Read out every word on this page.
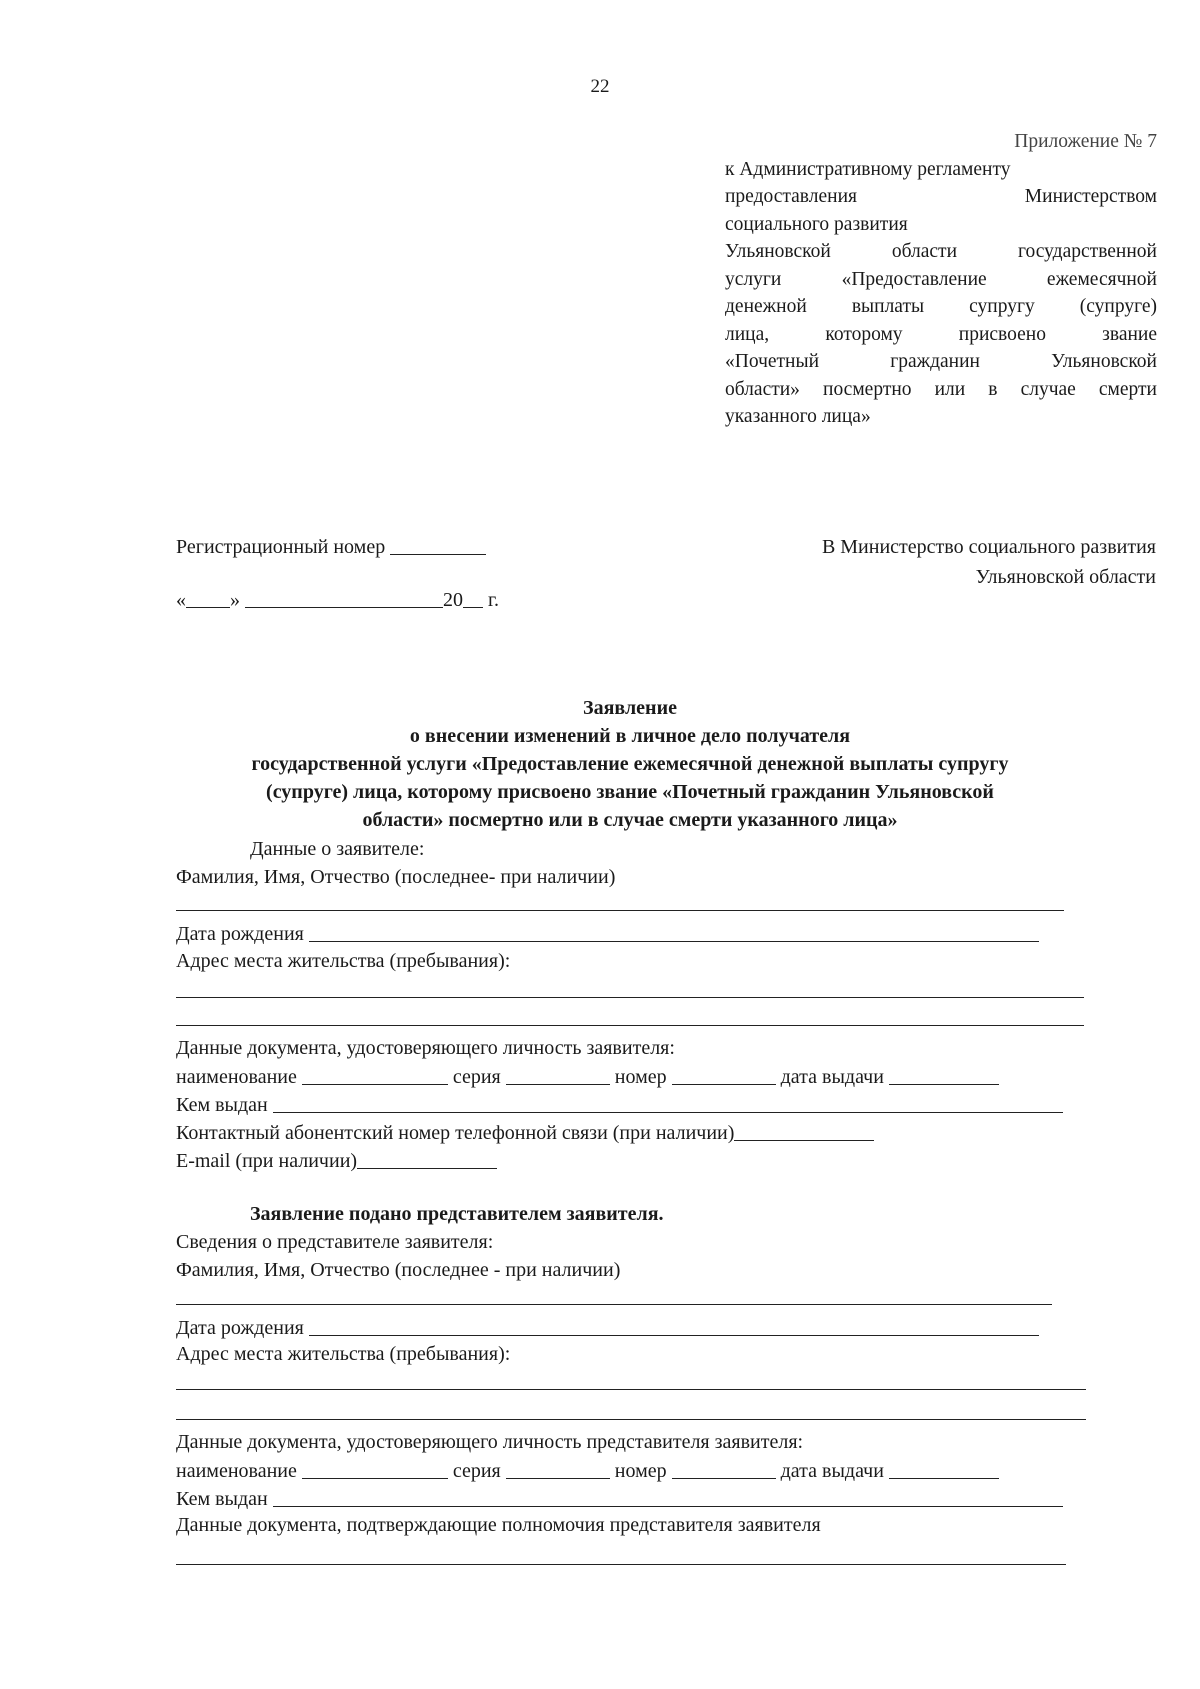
22
Приложение № 7
к Административному регламенту
предоставления Министерством
социального развития
Ульяновской области государственной
услуги «Предоставление ежемесячной
денежной выплаты супругу (супруге)
лица, которому присвоено звание
«Почетный гражданин Ульяновской
области» посмертно или в случае смерти
указанного лица»
Регистрационный номер
« »	20 г.
В Министерство социального развития
Ульяновской области
Заявление
о внесении изменений в личное дело получателя
государственной услуги «Предоставление ежемесячной денежной выплаты супругу
(супруге) лица, которому присвоено звание «Почетный гражданин Ульяновской
области» посмертно или в случае смерти указанного лица»
Данные о заявителе:
Фамилия, Имя, Отчество (последнее- при наличии)
Дата рождения
Адрес места жительства (пребывания):
Данные документа, удостоверяющего личность заявителя:
наименование	серия	номер	дата выдачи
Кем выдан
Контактный абонентский номер телефонной связи (при наличии)
E-mail (при наличии)
Заявление подано представителем заявителя.
Сведения о представителе заявителя:
Фамилия, Имя, Отчество (последнее - при наличии)
Дата рождения
Адрес места жительства (пребывания):
Данные документа, удостоверяющего личность представителя заявителя:
наименование	серия	номер	дата выдачи
Кем выдан
Данные документа, подтверждающие полномочия представителя заявителя
